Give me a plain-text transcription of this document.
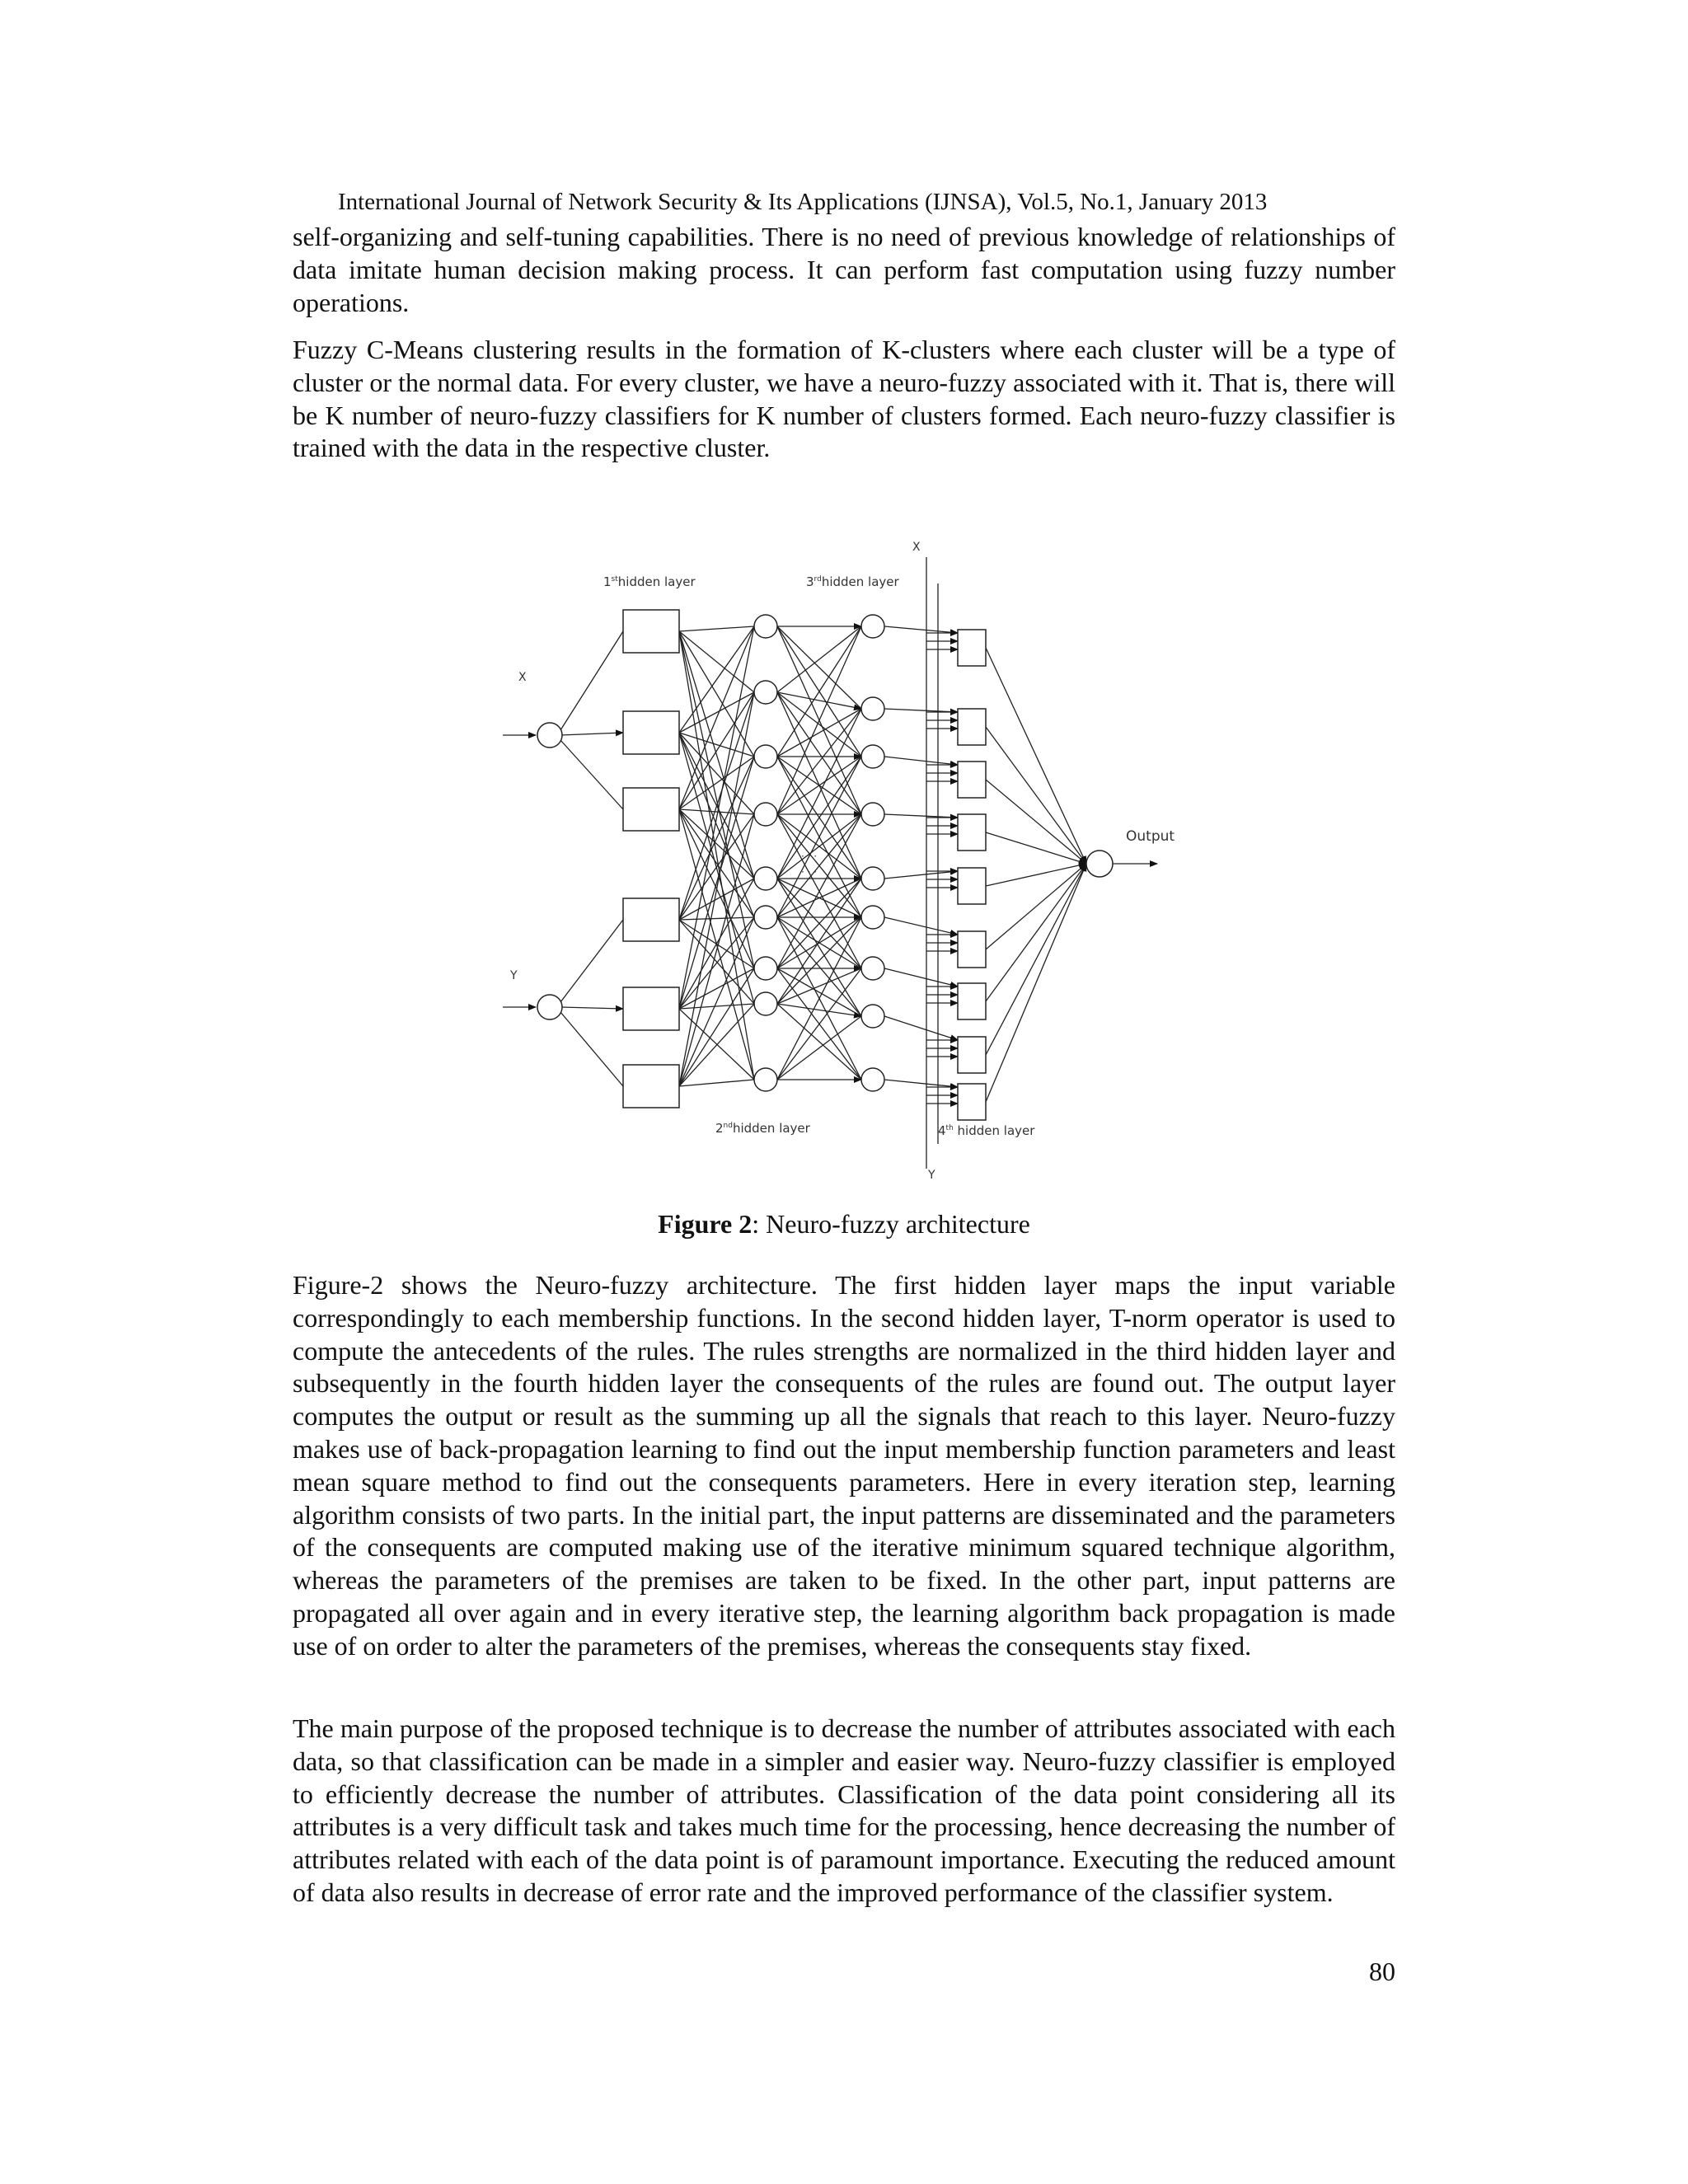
International Journal of Network Security & Its Applications (IJNSA), Vol.5, No.1, January 2013

self-organizing and self-tuning capabilities. There is no need of previous knowledge of relationships of data imitate human decision making process. It can perform fast computation using fuzzy number operations.

Fuzzy C-Means clustering results in the formation of K-clusters where each cluster will be a type of cluster or the normal data. For every cluster, we have a neuro-fuzzy associated with it. That is, there will be K number of neuro-fuzzy classifiers for K number of clusters formed. Each neuro-fuzzy classifier is trained with the data in the respective cluster.

1sthidden layer	3rdhidden layer
2ndhidden layer	4th hidden layer
X
Y
X
Y
Output
· · ·
· · ·
Figure 2: Neuro-fuzzy architecture

Figure-2 shows the Neuro-fuzzy architecture. The first hidden layer maps the input variable correspondingly to each membership functions. In the second hidden layer, T-norm operator is used to compute the antecedents of the rules. The rules strengths are normalized in the third hidden layer and subsequently in the fourth hidden layer the consequents of the rules are found out. The output layer computes the output or result as the summing up all the signals that reach to this layer. Neuro-fuzzy makes use of back-propagation learning to find out the input membership function parameters and least mean square method to find out the consequents parameters. Here in every iteration step, learning algorithm consists of two parts. In the initial part, the input patterns are disseminated and the parameters of the consequents are computed making use of the iterative minimum squared technique algorithm, whereas the parameters of the premises are taken to be fixed. In the other part, input patterns are propagated all over again and in every iterative step, the learning algorithm back propagation is made use of on order to alter the parameters of the premises, whereas the consequents stay fixed.

The main purpose of the proposed technique is to decrease the number of attributes associated with each data, so that classification can be made in a simpler and easier way. Neuro-fuzzy classifier is employed to efficiently decrease the number of attributes. Classification of the data point considering all its attributes is a very difficult task and takes much time for the processing, hence decreasing the number of attributes related with each of the data point is of paramount importance. Executing the reduced amount of data also results in decrease of error rate and the improved performance of the classifier system.

80
